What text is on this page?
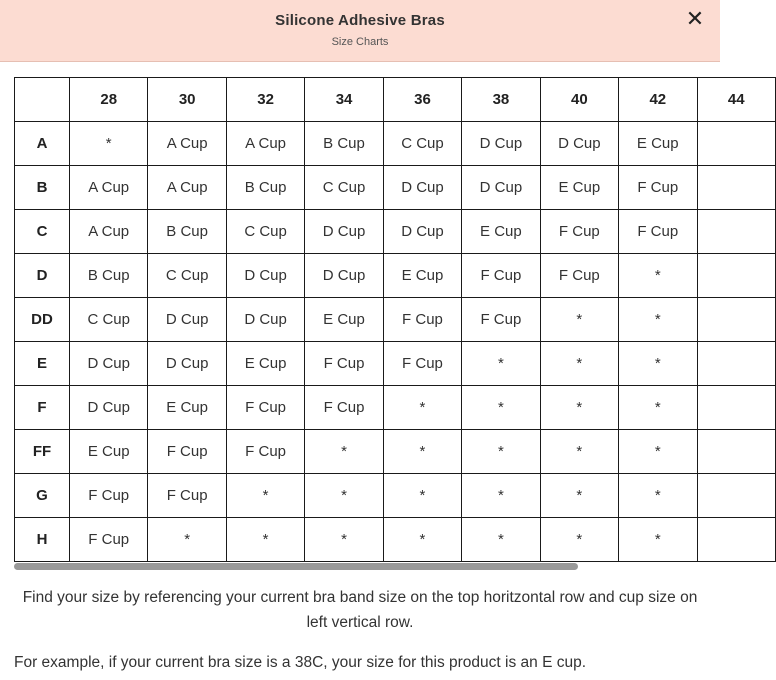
Silicone Adhesive Bras
Size Charts
✕
	28	30	32	34	36	38	40	42	44
A	*	A Cup	A Cup	B Cup	C Cup	D Cup	D Cup	E Cup	
B	A Cup	A Cup	B Cup	C Cup	D Cup	D Cup	E Cup	F Cup	
C	A Cup	B Cup	C Cup	D Cup	D Cup	E Cup	F Cup	F Cup	
D	B Cup	C Cup	D Cup	D Cup	E Cup	F Cup	F Cup	*	
DD	C Cup	D Cup	D Cup	E Cup	F Cup	F Cup	*	*	
E	D Cup	D Cup	E Cup	F Cup	F Cup	*	*	*	
F	D Cup	E Cup	F Cup	F Cup	*	*	*	*	
FF	E Cup	F Cup	F Cup	*	*	*	*	*	
G	F Cup	F Cup	*	*	*	*	*	*	
H	F Cup	*	*	*	*	*	*	*	
Find your size by referencing your current bra band size on the top horitzontal row and cup size on left vertical row.
For example, if your current bra size is a 38C, your size for this product is an E cup.
